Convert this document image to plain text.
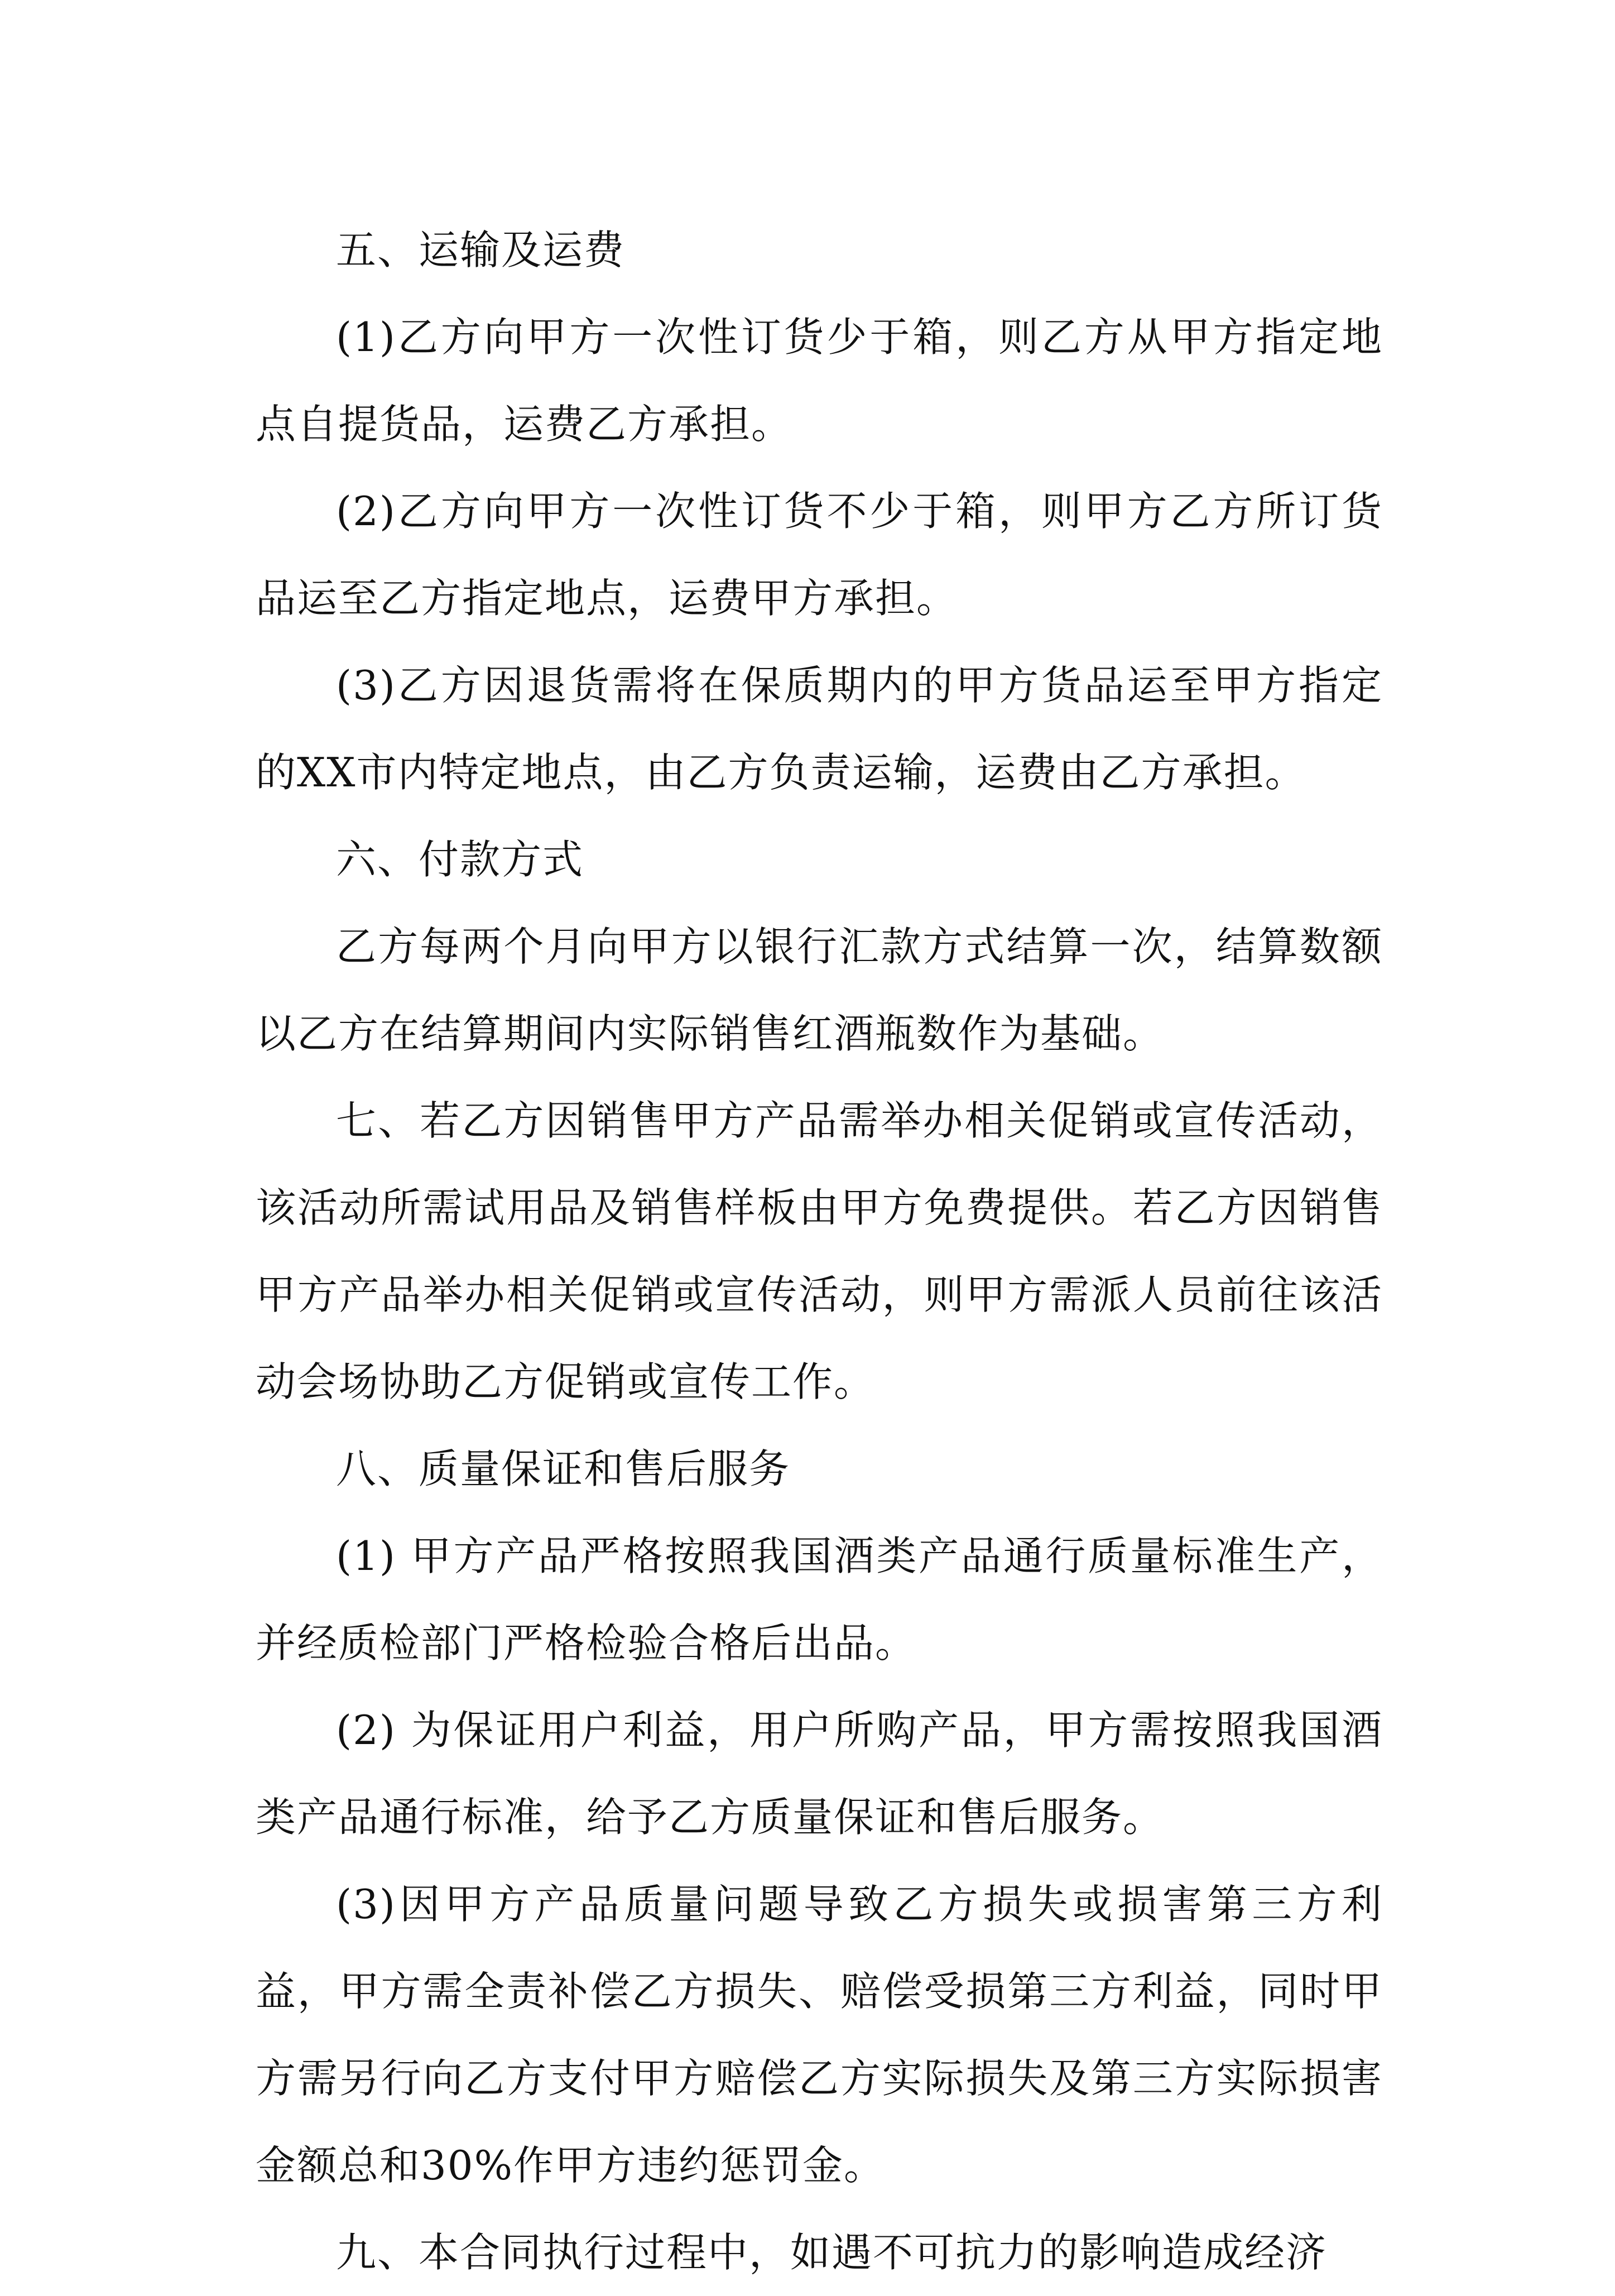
五、运输及运费

(1)乙方向甲方一次性订货少于箱，则乙方从甲方指定地点自提货品，运费乙方承担。

(2)乙方向甲方一次性订货不少于箱，则甲方乙方所订货品运至乙方指定地点，运费甲方承担。

(3)乙方因退货需将在保质期内的甲方货品运至甲方指定的XX市内特定地点，由乙方负责运输，运费由乙方承担。

六、付款方式

乙方每两个月向甲方以银行汇款方式结算一次，结算数额以乙方在结算期间内实际销售红酒瓶数作为基础。

七、若乙方因销售甲方产品需举办相关促销或宣传活动，该活动所需试用品及销售样板由甲方免费提供。若乙方因销售甲方产品举办相关促销或宣传活动，则甲方需派人员前往该活动会场协助乙方促销或宣传工作。

八、质量保证和售后服务

(1) 甲方产品严格按照我国酒类产品通行质量标准生产，并经质检部门严格检验合格后出品。

(2) 为保证用户利益，用户所购产品，甲方需按照我国酒类产品通行标准，给予乙方质量保证和售后服务。

(3)因甲方产品质量问题导致乙方损失或损害第三方利益，甲方需全责补偿乙方损失、赔偿受损第三方利益，同时甲方需另行向乙方支付甲方赔偿乙方实际损失及第三方实际损害金额总和30%作甲方违约惩罚金。

九、本合同执行过程中，如遇不可抗力的影响造成经济
